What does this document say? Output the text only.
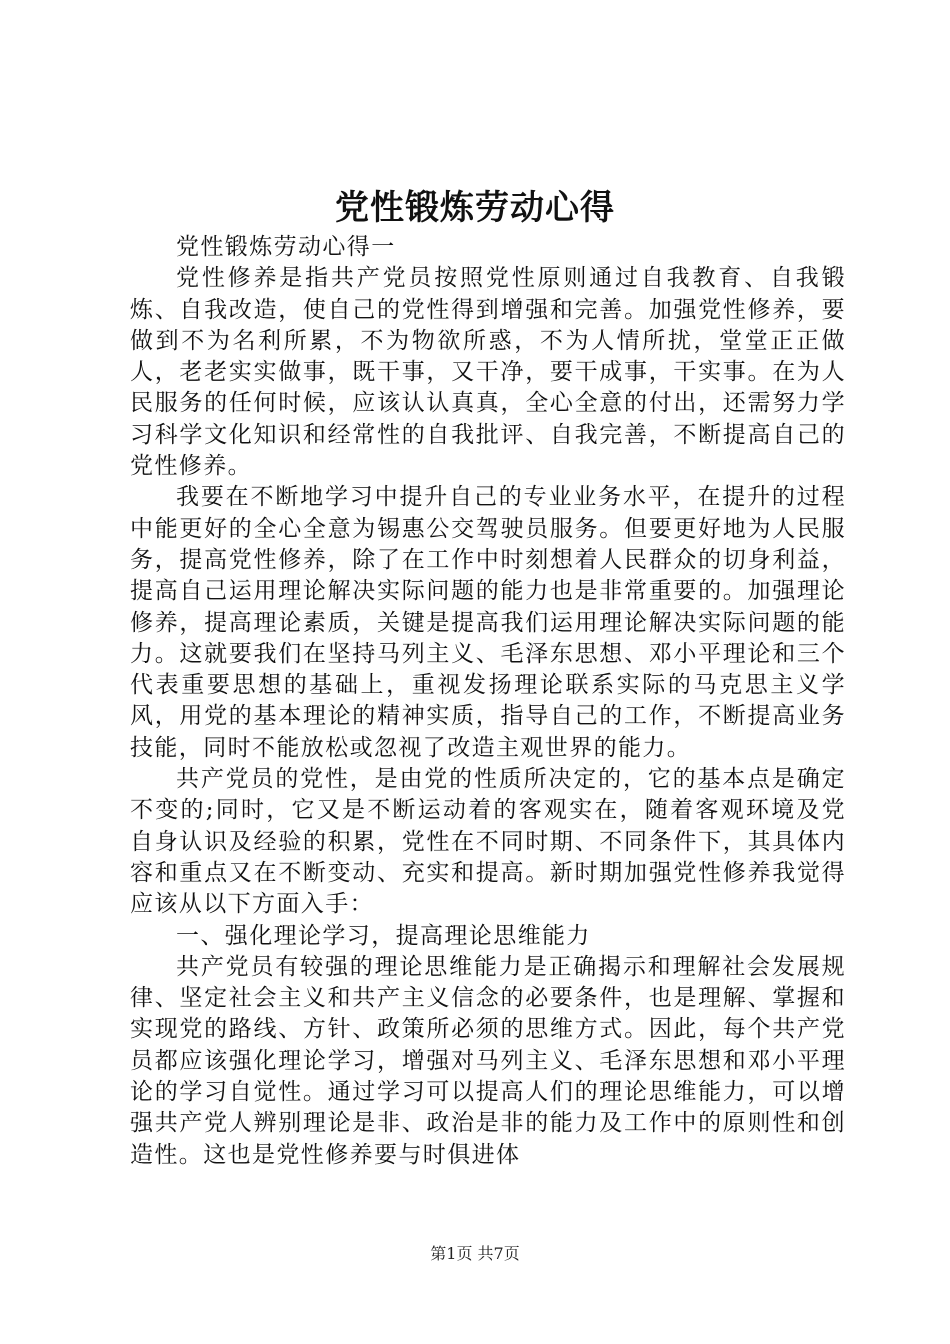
党性锻炼劳动心得

党性锻炼劳动心得一

党性修养是指共产党员按照党性原则通过自我教育、自我锻炼、自我改造，使自己的党性得到增强和完善。加强党性修养，要做到不为名利所累，不为物欲所惑，不为人情所扰，堂堂正正做人，老老实实做事，既干事，又干净，要干成事，干实事。在为人民服务的任何时候，应该认认真真，全心全意的付出，还需努力学习科学文化知识和经常性的自我批评、自我完善，不断提高自己的党性修养。

我要在不断地学习中提升自己的专业业务水平，在提升的过程中能更好的全心全意为锡惠公交驾驶员服务。但要更好地为人民服务，提高党性修养，除了在工作中时刻想着人民群众的切身利益，提高自己运用理论解决实际问题的能力也是非常重要的。加强理论修养，提高理论素质，关键是提高我们运用理论解决实际问题的能力。这就要我们在坚持马列主义、毛泽东思想、邓小平理论和三个代表重要思想的基础上，重视发扬理论联系实际的马克思主义学风，用党的基本理论的精神实质，指导自己的工作，不断提高业务技能，同时不能放松或忽视了改造主观世界的能力。

共产党员的党性，是由党的性质所决定的，它的基本点是确定不变的;同时，它又是不断运动着的客观实在，随着客观环境及党自身认识及经验的积累，党性在不同时期、不同条件下，其具体内容和重点又在不断变动、充实和提高。新时期加强党性修养我觉得应该从以下方面入手：

一、强化理论学习，提高理论思维能力

共产党员有较强的理论思维能力是正确揭示和理解社会发展规律、坚定社会主义和共产主义信念的必要条件，也是理解、掌握和实现党的路线、方针、政策所必须的思维方式。因此，每个共产党员都应该强化理论学习，增强对马列主义、毛泽东思想和邓小平理论的学习自觉性。通过学习可以提高人们的理论思维能力，可以增强共产党人辨别理论是非、政治是非的能力及工作中的原则性和创造性。这也是党性修养要与时俱进体

第1页 共7页
